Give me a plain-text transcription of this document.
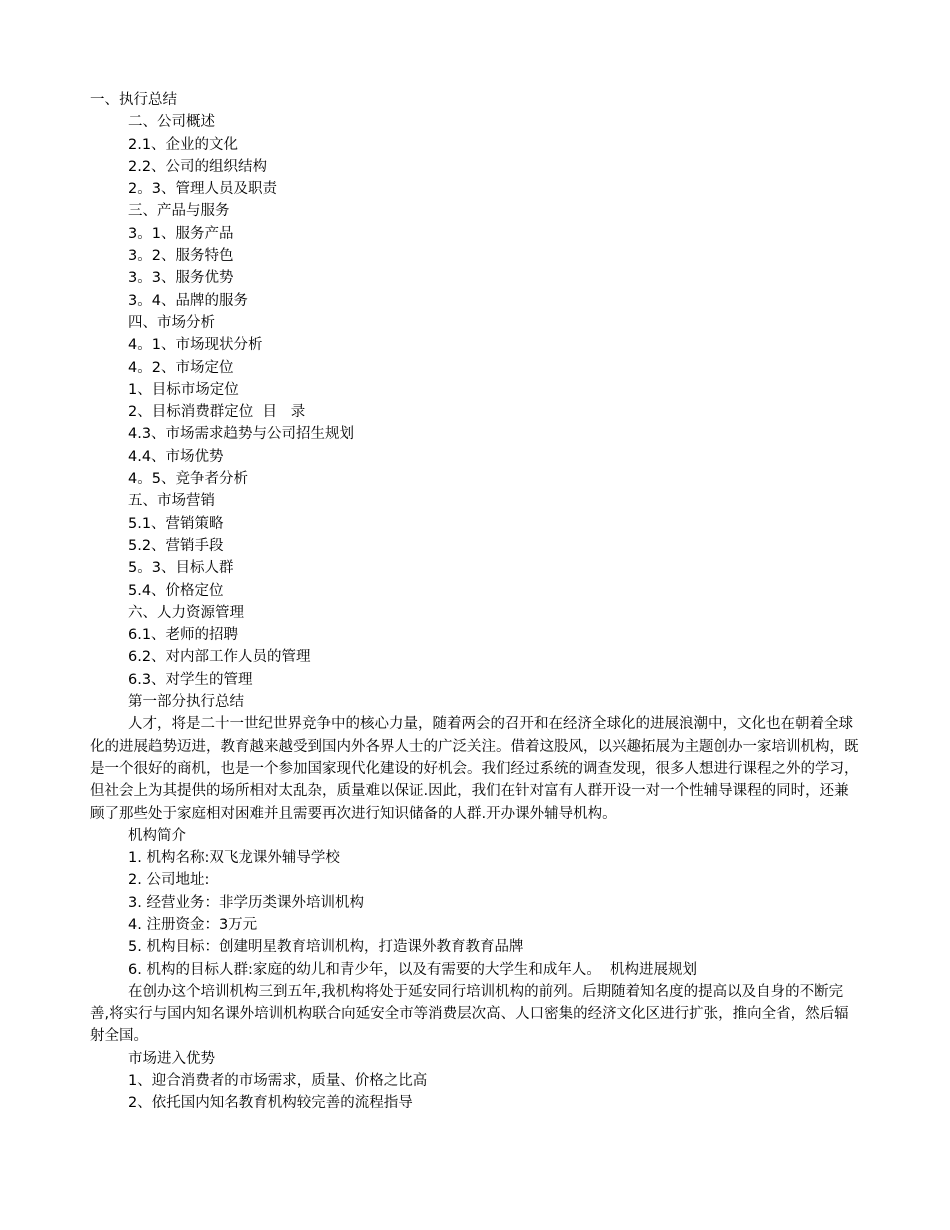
一、执行总结
二、公司概述
2.1、企业的文化
2.2、公司的组织结构
2。3、管理人员及职责
三、产品与服务
3。1、服务产品
3。2、服务特色
3。3、服务优势
3。4、品牌的服务
四、市场分析
4。1、市场现状分析
4。2、市场定位
1、目标市场定位
2、目标消费群定位  目   录
4.3、市场需求趋势与公司招生规划
4.4、市场优势
4。5、竞争者分析
五、市场营销
5.1、营销策略
5.2、营销手段
5。3、目标人群
5.4、价格定位
六、人力资源管理
6.1、老师的招聘
6.2、对内部工作人员的管理
6.3、对学生的管理
第一部分执行总结

人才，将是二十一世纪世界竞争中的核心力量，随着两会的召开和在经济全球化的进展浪潮中，文化也在朝着全球化的进展趋势迈进，教育越来越受到国内外各界人士的广泛关注。借着这股风，以兴趣拓展为主题创办一家培训机构，既是一个很好的商机，也是一个参加国家现代化建设的好机会。我们经过系统的调查发现，很多人想进行课程之外的学习，但社会上为其提供的场所相对太乱杂，质量难以保证.因此，我们在针对富有人群开设一对一个性辅导课程的同时，还兼顾了那些处于家庭相对困难并且需要再次进行知识储备的人群.开办课外辅导机构。

机构简介
1. 机构名称:双飞龙课外辅导学校
2. 公司地址:
3. 经营业务：非学历类课外培训机构
4. 注册资金：3万元
5. 机构目标：创建明星教育培训机构，打造课外教育教育品牌
6. 机构的目标人群:家庭的幼儿和青少年，以及有需要的大学生和成年人。  机构进展规划

在创办这个培训机构三到五年,我机构将处于延安同行培训机构的前列。后期随着知名度的提高以及自身的不断完善,将实行与国内知名课外培训机构联合向延安全市等消费层次高、人口密集的经济文化区进行扩张，推向全省，然后辐射全国。

市场进入优势
1、迎合消费者的市场需求，质量、价格之比高
2、依托国内知名教育机构较完善的流程指导
